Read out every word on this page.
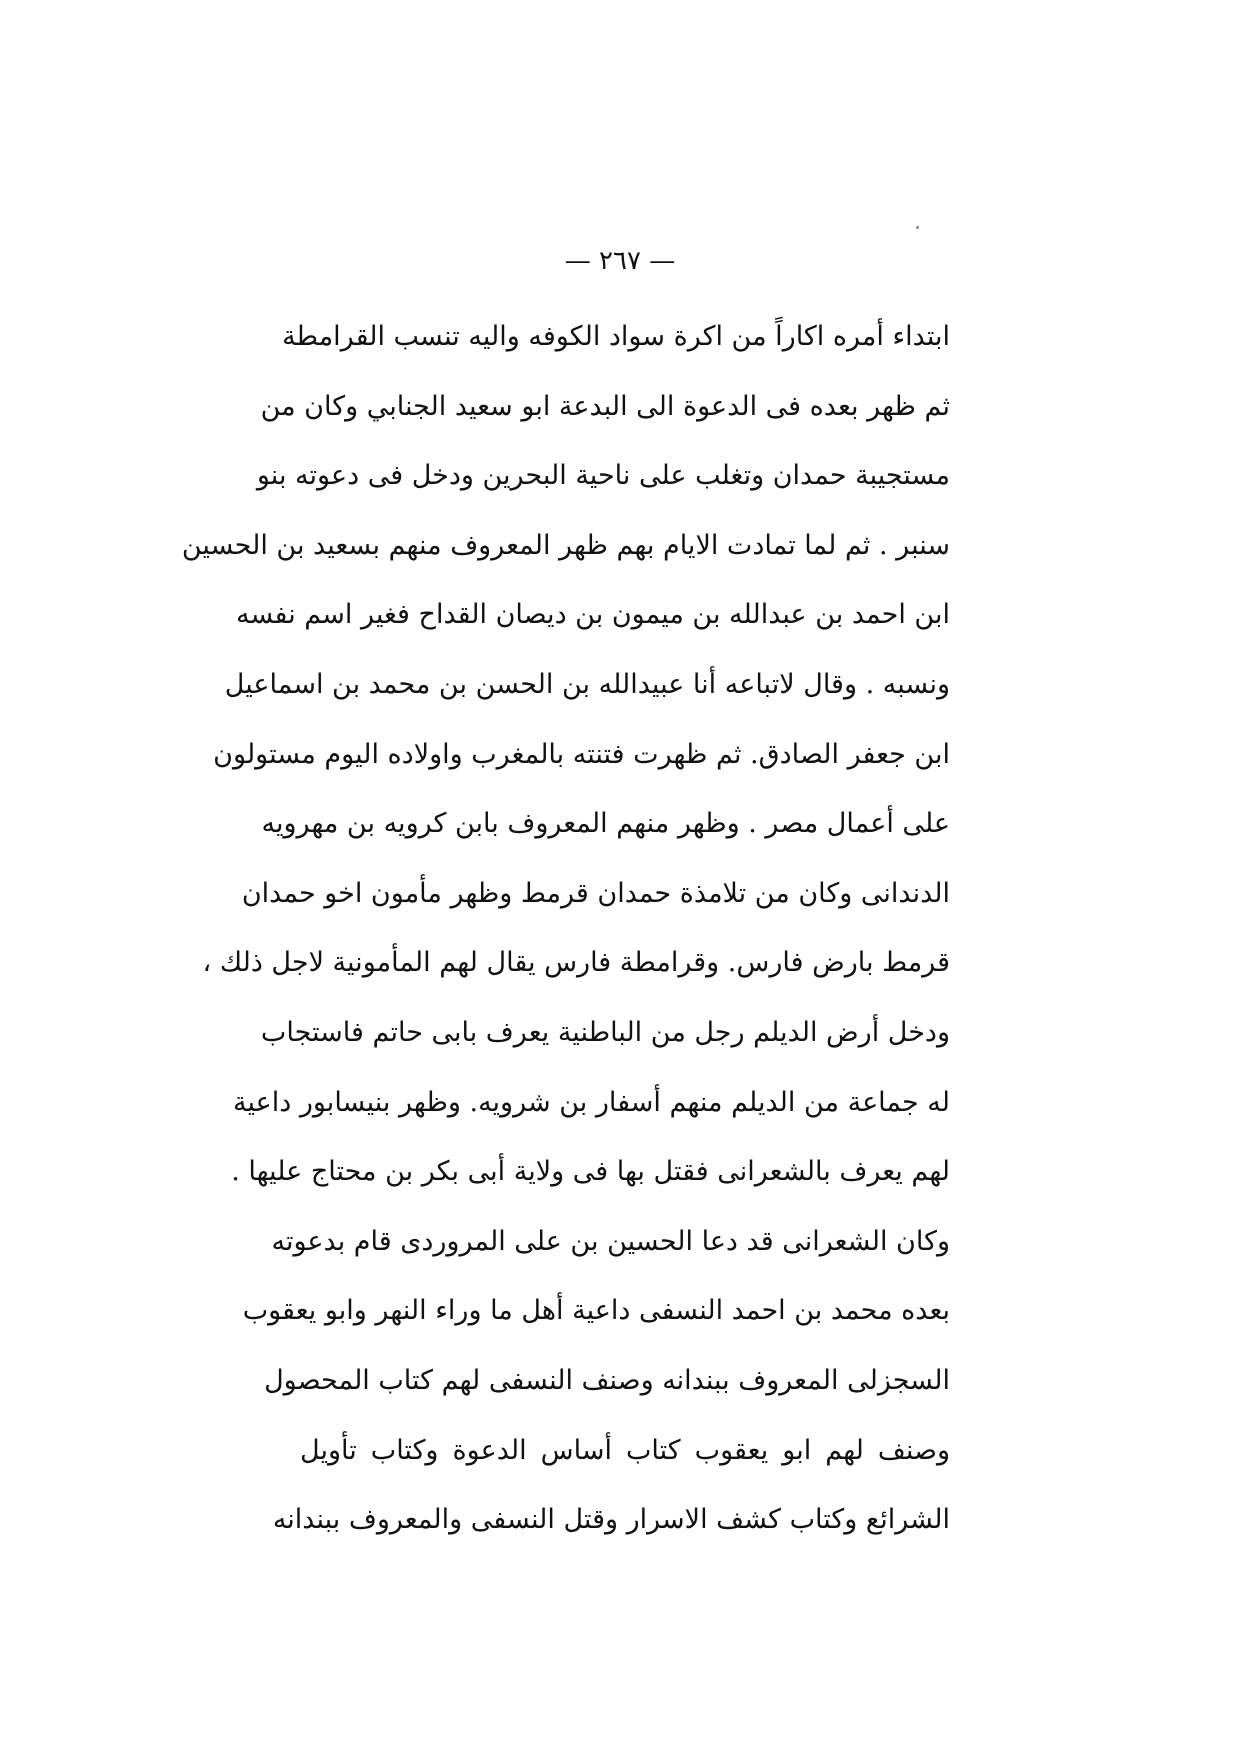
— ٢٦٧ —
ابتداء أمره اكاراً من اكرة سواد الكوفه واليه تنسب القرامطة
ثم ظهر بعده فى الدعوة الى البدعة ابو سعيد الجنابي وكان من
مستجيبة حمدان وتغلب على ناحية البحرين ودخل فى دعوته بنو
سنبر . ثم لما تمادت الايام بهم ظهر المعروف منهم بسعيد بن الحسين
ابن احمد بن عبدالله بن ميمون بن ديصان القداح فغير اسم نفسه
ونسبه . وقال لاتباعه أنا عبيدالله بن الحسن بن محمد بن اسماعيل
ابن جعفر الصادق. ثم ظهرت فتنته بالمغرب واولاده اليوم مستولون
على أعمال مصر . وظهر منهم المعروف بابن كرويه بن مهرويه
الدندانى وكان من تلامذة حمدان قرمط وظهر مأمون اخو حمدان
قرمط بارض فارس. وقرامطة فارس يقال لهم المأمونية لاجل ذلك ،
ودخل أرض الديلم رجل من الباطنية يعرف بابى حاتم فاستجاب
له جماعة من الديلم منهم أسفار بن شرويه. وظهر بنيسابور داعية
لهم يعرف بالشعرانى فقتل بها فى ولاية أبى بكر بن محتاج عليها .
وكان الشعرانى قد دعا الحسين بن على المروردى قام بدعوته
بعده محمد بن احمد النسفى داعية أهل ما وراء النهر وابو يعقوب
السجزلى المعروف ببندانه وصنف النسفى لهم كتاب المحصول
وصنف لهم ابو يعقوب كتاب أساس الدعوة وكتاب تأويل
الشرائع وكتاب كشف الاسرار وقتل النسفى والمعروف ببندانه
